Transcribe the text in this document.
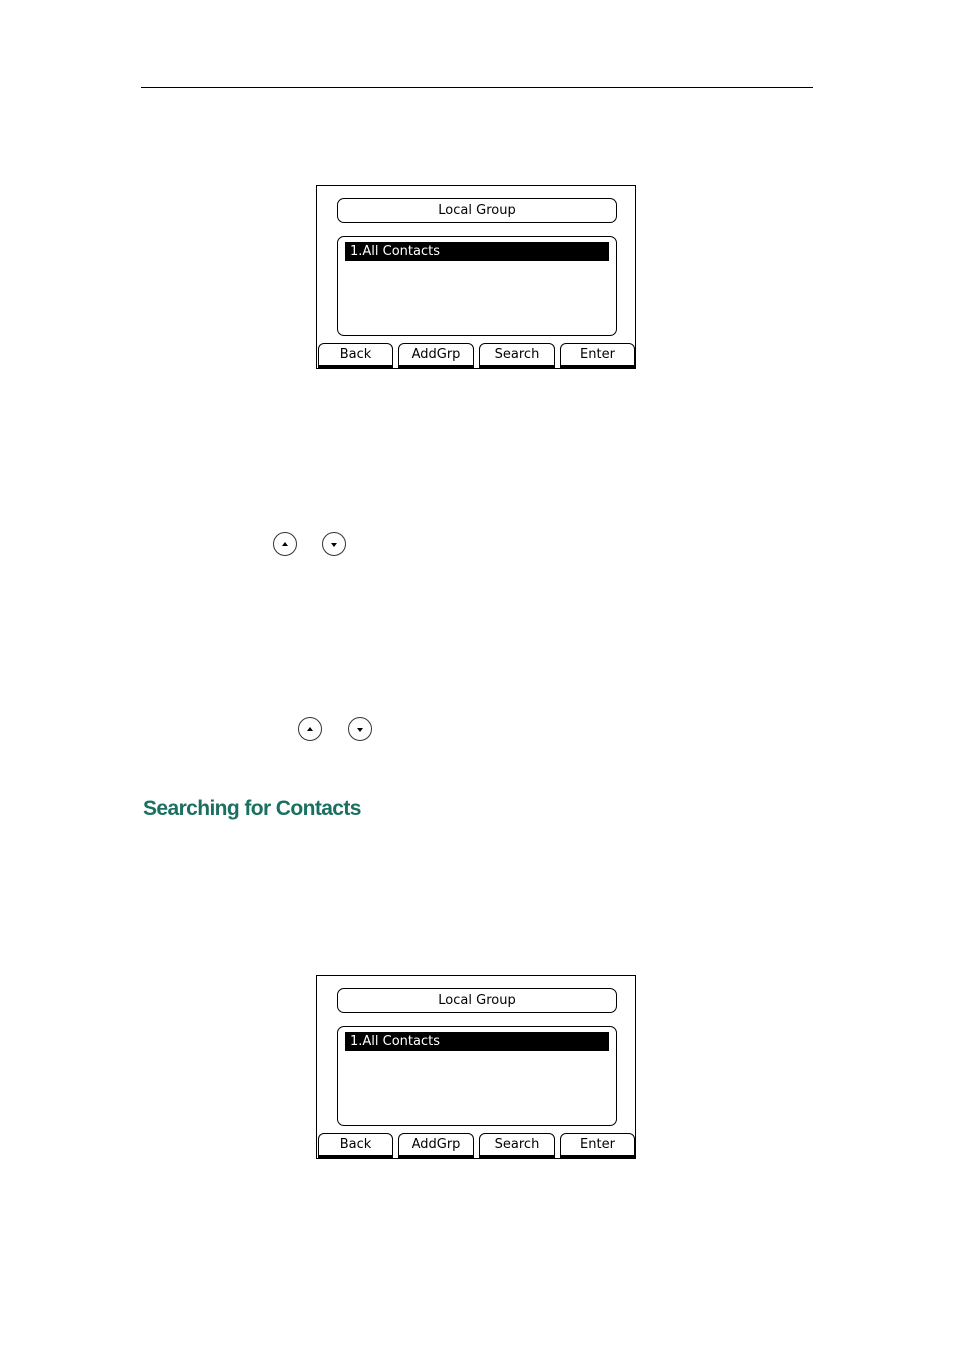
Local Group
1.All Contacts
Back	AddGrp	Search	Enter
Searching for Contacts
Local Group
1.All Contacts
Back	AddGrp	Search	Enter
